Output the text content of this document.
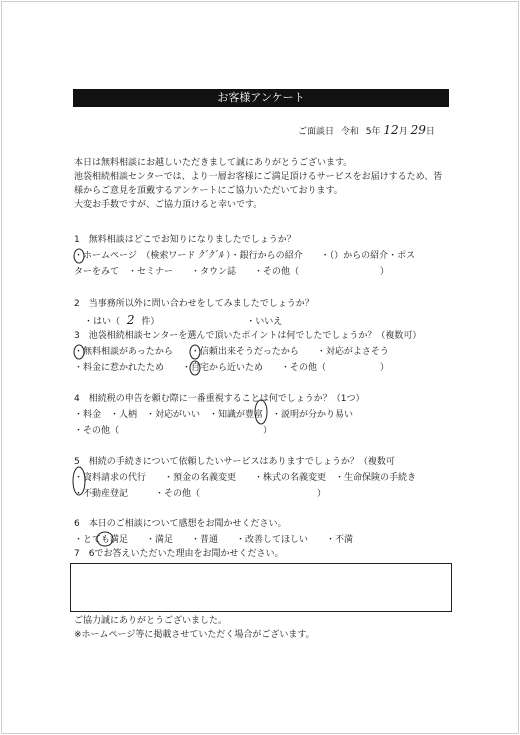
お客様アンケート
ご面談日 令和 5年 12月 29日
本日は無料相談にお越しいただきまして誠にありがとうございます。
池袋相続相談センターでは、より一層お客様にご満足頂けるサービスをお届けするため、皆
様からご意見を頂戴するアンケートにご協力いただいております。
大変お手数ですが、ご協力頂けると幸いです。
1　無料相談はどこでお知りになりましたでしょうか？
・ホームページ　（検索ワード ｸﾞｸﾞﾙ ）・銀行からの紹介　　・（）からの紹介・ポス
ターをみて　・セミナー　　・タウン誌　　・その他（　　　　　　　　　）
2　当事務所以外に問い合わせをしてみましたでしょうか？
・はい（ 2 件）	・いいえ
3　池袋相続相談センターを選んで頂いたポイントは何でしたでしょうか？（複数可）
・無料相談があったから　　・信頼出来そうだったから　　・対応がよさそう
・料金に惹かれたため　　・自宅から近いため　　・その他（　　　　　　）
4　相続税の申告を頼む際に一番重視することは何でしょうか？（1つ）
・料金　・人柄　・対応がいい　・知識が豊富　・説明が分かり易い
・その他（　　　　　　　　　　　　　　　　）
5　相続の手続きについて依頼したいサービスはありますでしょうか？（複数可
・資料請求の代行　　・預金の名義変更　　・株式の名義変更　・生命保険の手続き
・不動産登記　　　・その他（　　　　　　　　　　　　　）
6　本日のご相談について感想をお聞かせください。
・とても満足　　・満足　　・普通　　・改善してほしい　　・不満
7　6でお答えいただいた理由をお聞かせください。
ご協力誠にありがとうございました。
※ホームページ等に掲載させていただく場合がございます。
